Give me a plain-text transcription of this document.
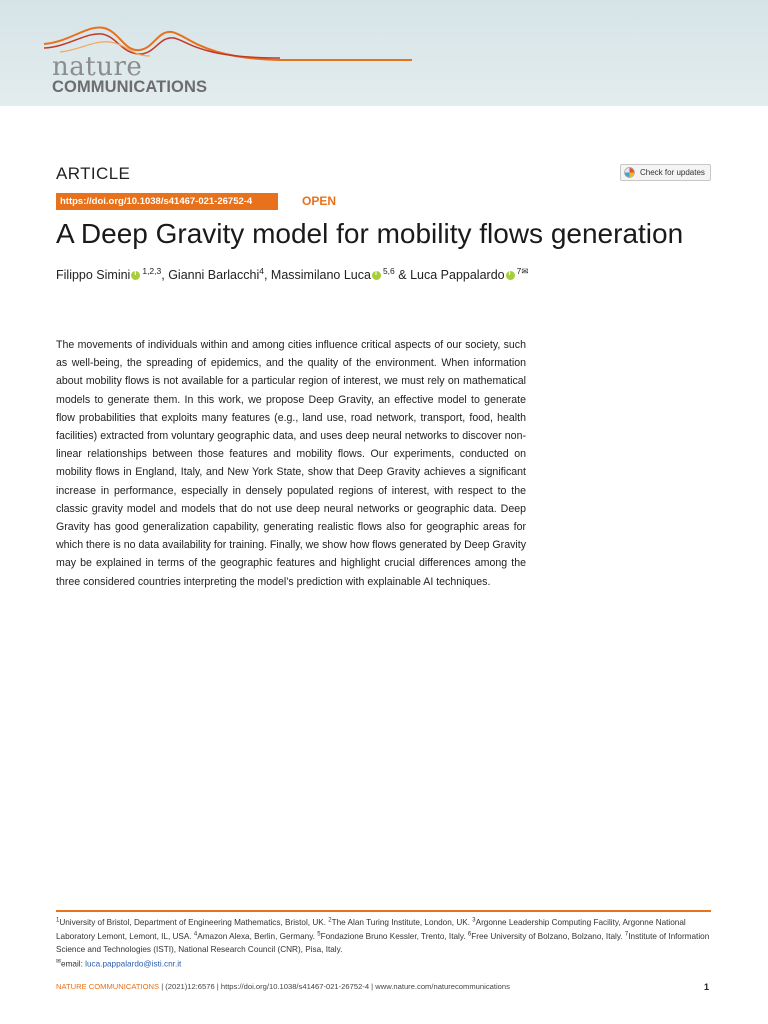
nature
COMMUNICATIONS
ARTICLE	Check for updates
https://doi.org/10.1038/s41467-021-26752-4	OPEN
A Deep Gravity model for mobility flows generation
Filippo Simini i $^{1,2,3}$, Gianni Barlacchi$^4$, Massimilano Luca i $^{5,6}$ & Luca Pappalardo i $^{7✉}$
The movements of individuals within and among cities influence critical aspects of our society, such as well-being, the spreading of epidemics, and the quality of the environment. When information about mobility flows is not available for a particular region of interest, we must rely on mathematical models to generate them. In this work, we propose Deep Gravity, an effective model to generate flow probabilities that exploits many features (e.g., land use, road network, transport, food, health facilities) extracted from voluntary geographic data, and uses deep neural networks to discover non-linear relationships between those features and mobility flows. Our experiments, conducted on mobility flows in England, Italy, and New York State, show that Deep Gravity achieves a significant increase in performance, especially in densely populated regions of interest, with respect to the classic gravity model and models that do not use deep neural networks or geographic data. Deep Gravity has good generalization capability, generating realistic flows also for geographic areas for which there is no data availability for training. Finally, we show how flows generated by Deep Gravity may be explained in terms of the geographic features and highlight crucial differences among the three considered countries interpreting the model’s prediction with explainable AI techniques.
$^1$University of Bristol, Department of Engineering Mathematics, Bristol, UK. $^2$The Alan Turing Institute, London, UK. $^3$Argonne Leadership Computing Facility, Argonne National Laboratory Lemont, Lemont, IL, USA. $^4$Amazon Alexa, Berlin, Germany. $^5$Fondazione Bruno Kessler, Trento, Italy. $^6$Free University of Bolzano, Bolzano, Italy. $^7$Institute of Information Science and Technologies (ISTI), National Research Council (CNR), Pisa, Italy.
✉email: luca.pappalardo@isti.cnr.it
NATURE COMMUNICATIONS | (2021)12:6576 | https://doi.org/10.1038/s41467-021-26752-4 | www.nature.com/naturecommunications	1
